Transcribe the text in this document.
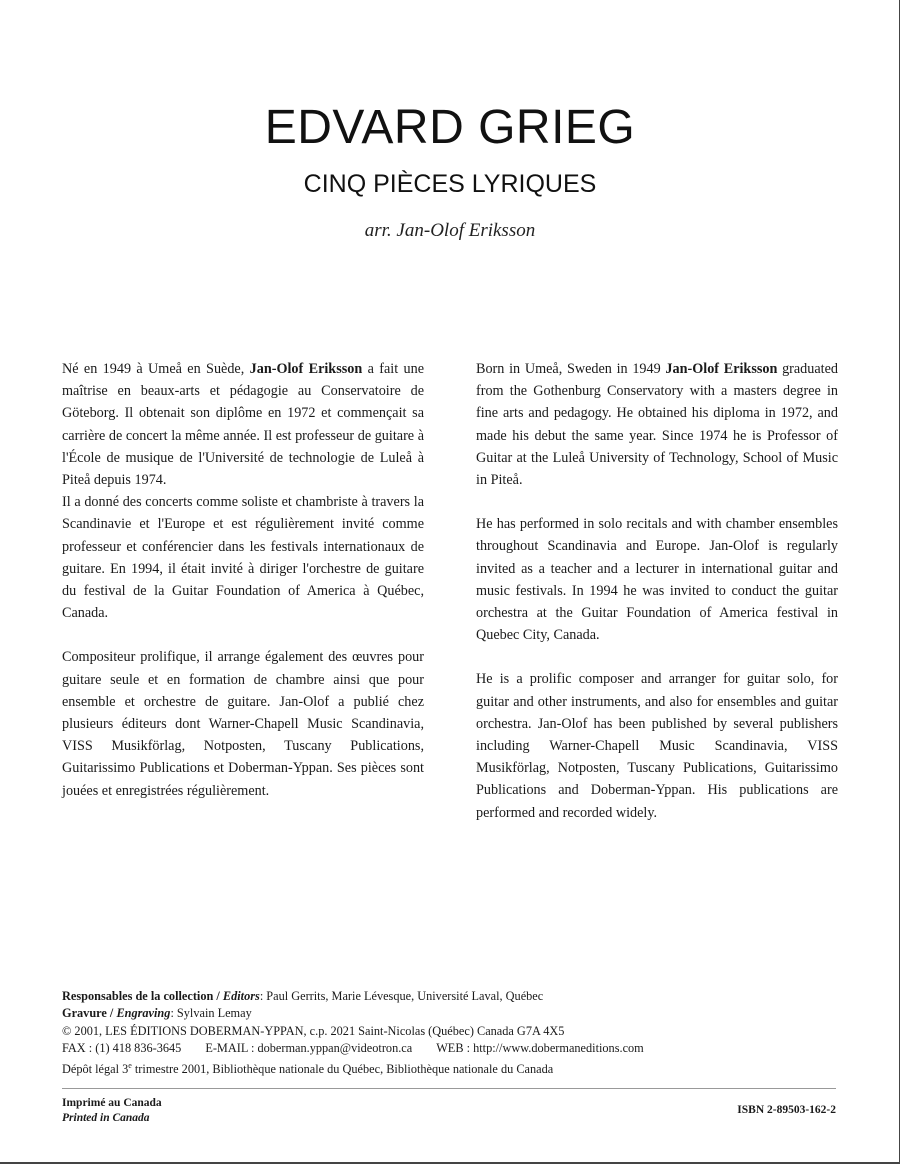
EDVARD GRIEG
CINQ PIÈCES LYRIQUES
arr. Jan-Olof Eriksson

Né en 1949 à Umeå en Suède, Jan-Olof Eriksson a fait une maîtrise en beaux-arts et pédagogie au Conservatoire de Göteborg. Il obtenait son diplôme en 1972 et commençait sa carrière de concert la même année. Il est professeur de guitare à l'École de musique de l'Université de technologie de Luleå à Piteå depuis 1974.

Il a donné des concerts comme soliste et chambriste à travers la Scandinavie et l'Europe et est régulièrement invité comme professeur et conférencier dans les festivals internationaux de guitare. En 1994, il était invité à diriger l'orchestre de guitare du festival de la Guitar Foundation of America à Québec, Canada.

Compositeur prolifique, il arrange également des œuvres pour guitare seule et en formation de chambre ainsi que pour ensemble et orchestre de guitare. Jan-Olof a publié chez plusieurs éditeurs dont Warner-Chapell Music Scandinavia, VISS Musikförlag, Notposten, Tuscany Publications, Guitarissimo Publications et Doberman-Yppan. Ses pièces sont jouées et enregistrées régulièrement.

Born in Umeå, Sweden in 1949 Jan-Olof Eriksson graduated from the Gothenburg Conservatory with a masters degree in fine arts and pedagogy. He obtained his diploma in 1972, and made his debut the same year. Since 1974 he is Professor of Guitar at the Luleå University of Technology, School of Music in Piteå.

He has performed in solo recitals and with chamber ensembles throughout Scandinavia and Europe. Jan-Olof is regularly invited as a teacher and a lecturer in international guitar and music festivals. In 1994 he was invited to conduct the guitar orchestra at the Guitar Foundation of America festival in Quebec City, Canada.

He is a prolific composer and arranger for guitar solo, for guitar and other instruments, and also for ensembles and guitar orchestra. Jan-Olof has been published by several publishers including Warner-Chapell Music Scandinavia, VISS Musikförlag, Notposten, Tuscany Publications, Guitarissimo Publications and Doberman-Yppan. His publications are performed and recorded widely.

Responsables de la collection / Editors: Paul Gerrits, Marie Lévesque, Université Laval, Québec
Gravure / Engraving: Sylvain Lemay
© 2001, LES ÉDITIONS DOBERMAN-YPPAN, c.p. 2021 Saint-Nicolas (Québec) Canada G7A 4X5
FAX : (1) 418 836-3645 E-MAIL : doberman.yppan@videotron.ca WEB : http://www.dobermaneditions.com
Dépôt légal 3e trimestre 2001, Bibliothèque nationale du Québec, Bibliothèque nationale du Canada
Imprimé au Canada
Printed in Canada
ISBN 2-89503-162-2
